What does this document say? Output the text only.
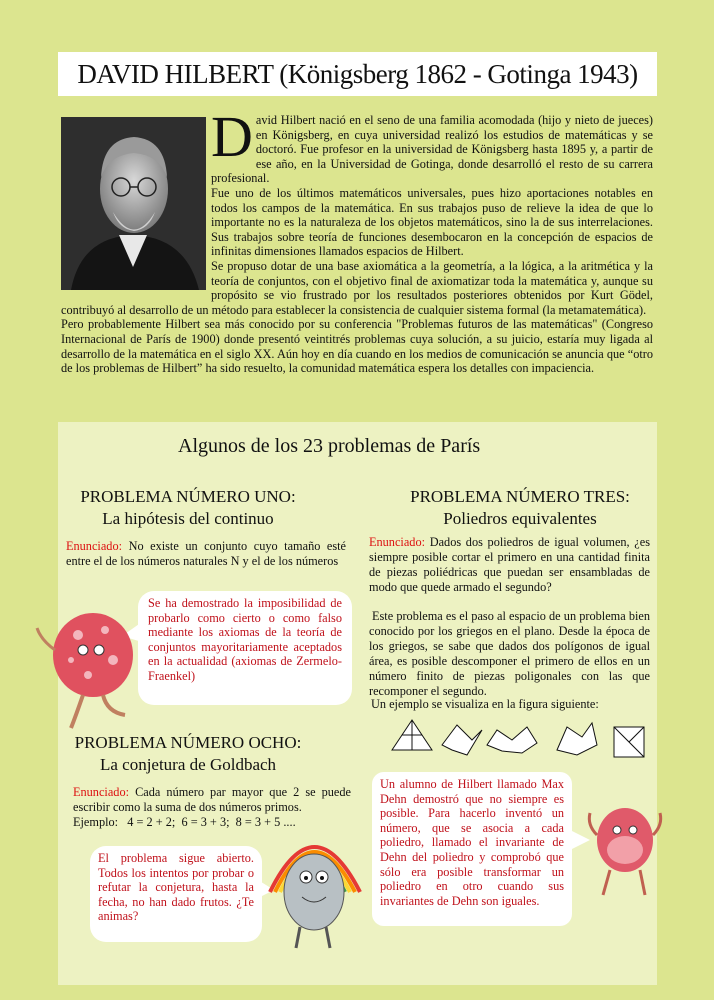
DAVID HILBERT (Königsberg 1862 - Gotinga 1943)

David Hilbert nació en el seno de una familia acomodada (hijo y nieto de jueces) en Königsberg, en cuya universidad realizó los estudios de matemáticas y se doctoró. Fue profesor en la universidad de Königsberg hasta 1895 y, a partir de ese año, en la Universidad de Gotinga, donde desarrolló el resto de su carrera profesional.

Fue uno de los últimos matemáticos universales, pues hizo aportaciones notables en todos los campos de la matemática. En sus trabajos puso de relieve la idea de que lo importante no es la naturaleza de los objetos matemáticos, sino la de sus interrelaciones. Sus trabajos sobre teoría de funciones desembocaron en la concepción de espacios de infinitas dimensiones llamados espacios de Hilbert.

Se propuso dotar de una base axiomática a la geometría, a la lógica, a la aritmética y la teoría de conjuntos, con el objetivo final de axiomatizar toda la matemática y, aunque su propósito se vio frustrado por los resultados posteriores obtenidos por Kurt Gödel, contribuyó al desarrollo de un método para establecer la consistencia de cualquier sistema formal (la metamatemática).

Pero probablemente Hilbert sea más conocido por su conferencia "Problemas futuros de las matemáticas" (Congreso Internacional de París de 1900) donde presentó veintitrés problemas cuya solución, a su juicio, estaría muy ligada al desarrollo de la matemática en el siglo XX. Aún hoy en día cuando en los medios de comunicación se anuncia que “otro de los problemas de Hilbert” ha sido resuelto, la comunidad matemática espera los detalles con impaciencia.

Algunos de los 23 problemas de París
PROBLEMA NÚMERO UNO:
La hipótesis del continuo
Enunciado: No existe un conjunto cuyo tamaño esté entre el de los números naturales N y el de los números
Se ha demostrado la imposibilidad de probarlo como cierto o como falso mediante los axiomas de la teoría de conjuntos mayoritariamente aceptados en la actualidad (axiomas de Zermelo-Fraenkel)
PROBLEMA NÚMERO TRES:
Poliedros equivalentes
Enunciado: Dados dos poliedros de igual volumen, ¿es siempre posible cortar el primero en una cantidad finita de piezas poliédricas que puedan ser ensambladas de modo que quede armado el segundo?
Este problema es el paso al espacio de un problema bien conocido por los griegos en el plano. Desde la época de los griegos, se sabe que dados dos polígonos de igual área, es posible descomponer el primero de ellos en un número finito de piezas poligonales con las que recomponer el segundo.
Un ejemplo se visualiza en la figura siguiente:
Un alumno de Hilbert llamado Max Dehn demostró que no siempre es posible. Para hacerlo inventó un número, que se asocia a cada poliedro, llamado el invariante de Dehn del poliedro y comprobó que sólo era posible transformar un poliedro en otro cuando sus invariantes de Dehn son iguales.
PROBLEMA NÚMERO OCHO:
La conjetura de Goldbach
Enunciado: Cada número par mayor que 2 se puede escribir como la suma de dos números primos.
Ejemplo:   4 = 2 + 2;  6 = 3 + 3;  8 = 3 + 5 ....
El problema sigue abierto. Todos los intentos por probar o refutar la conjetura, hasta la fecha, no han dado frutos. ¿Te animas?
